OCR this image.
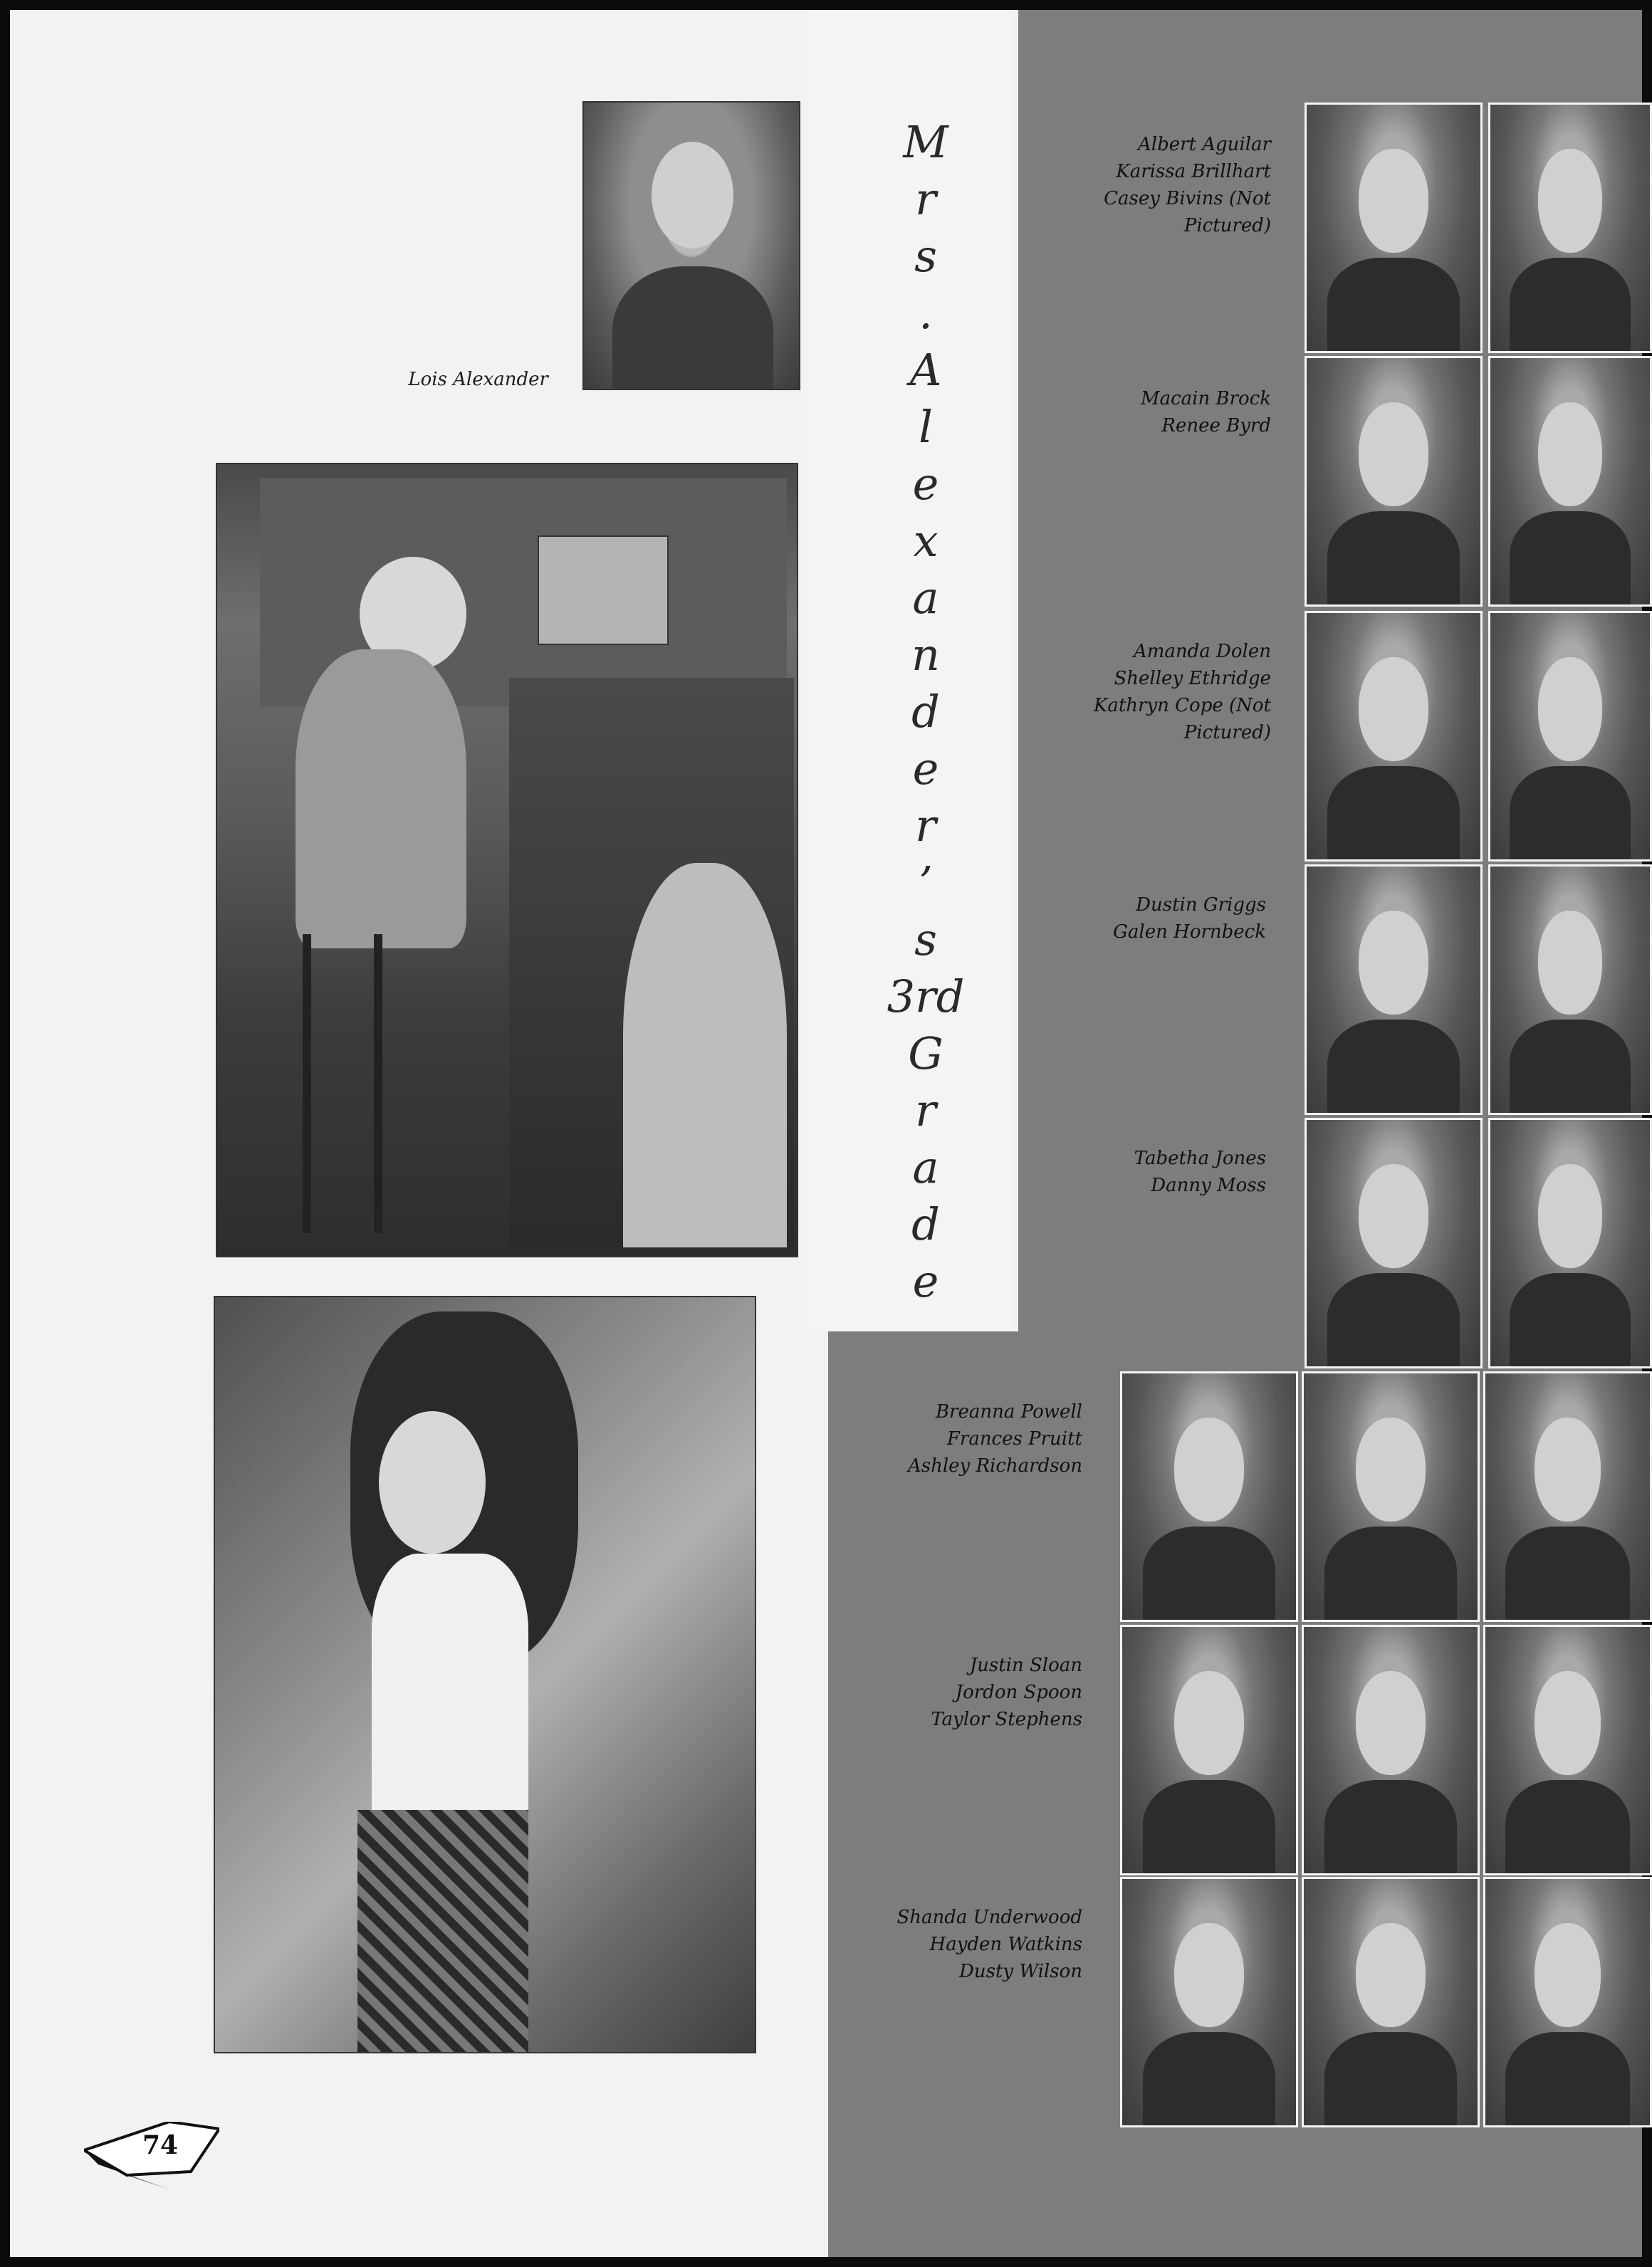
M
r
s
.
A
l
e
x
a
n
d
e
r
’
s
3rd
G
r
a
d
e
Lois Alexander
Albert Aguilar
Karissa Brillhart
Casey Bivins (Not
Pictured)
Macain Brock
Renee Byrd
Amanda Dolen
Shelley Ethridge
Kathryn Cope (Not
Pictured)
Dustin Griggs
Galen Hornbeck
Tabetha Jones
Danny Moss
Breanna Powell
Frances Pruitt
Ashley Richardson
Justin Sloan
Jordon Spoon
Taylor Stephens
Shanda Underwood
Hayden Watkins
Dusty Wilson
74
